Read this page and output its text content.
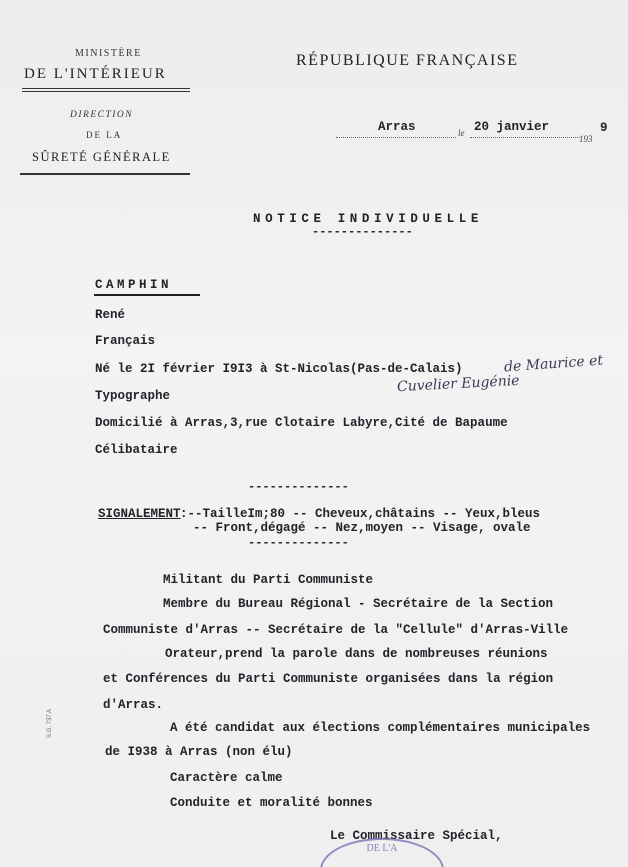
MINISTÈRE
DE L'INTÉRIEUR
DIRECTION
DE LA
SÛRETÉ GÉNÉRALE
RÉPUBLIQUE FRANÇAISE
Arras	le 20 janvier
193
9
NOTICE INDIVIDUELLE
--------------
CAMPHIN
René
Français
Né le 2I février I9I3 à St-Nicolas(Pas-de-Calais)	de Maurice et
Cuvelier Eugénie
Typographe
Domicilié à Arras,3,rue Clotaire Labyre,Cité de Bapaume
Célibataire
--------------
SIGNALEMENT :--TailleIm;80 -- Cheveux,châtains -- Yeux,bleus
-- Front,dégagé -- Nez,moyen -- Visage, ovale
--------------
Militant du Parti Communiste
Membre du Bureau Régional - Secrétaire de la Section
Communiste d'Arras -- Secrétaire de la "Cellule" d'Arras-Ville
Orateur,prend la parole dans de nombreuses réunions
et Conférences du Parti Communiste organisées dans la région
d'Arras.
A été candidat aux élections complémentaires municipales
de I938 à Arras (non élu)
Caractère calme
Conduite et moralité bonnes
Le Commissaire Spécial,
DE L'A
S.G. 737 A
